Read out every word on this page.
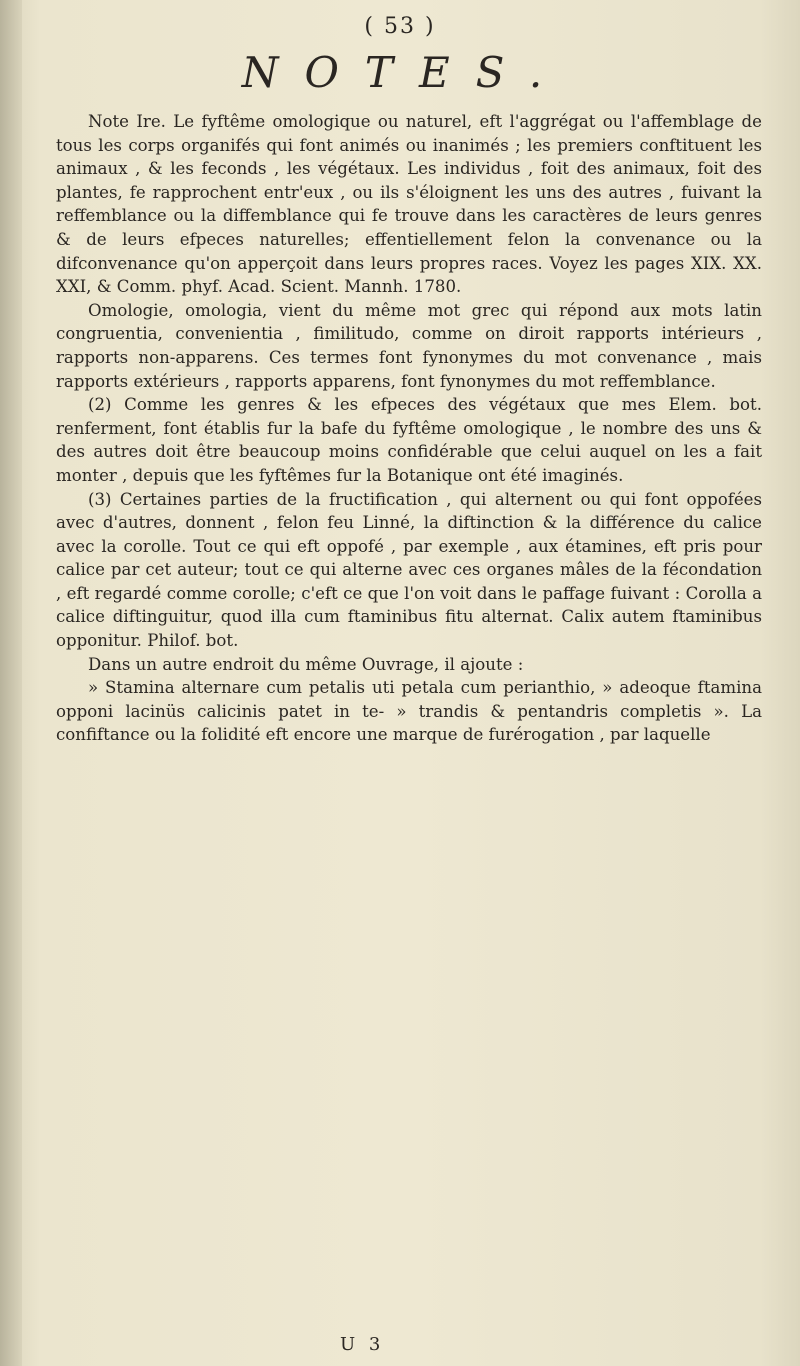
( 53 )
NOTES.

Note Ire. Le fyftême omologique ou naturel, eft l'aggrégat ou l'affemblage de tous les corps organifés qui font animés ou inanimés ; les premiers conftituent les animaux , & les feconds , les végétaux. Les individus , foit des animaux, foit des plantes, fe rapprochent entr'eux , ou ils s'éloignent les uns des autres , fuivant la reffemblance ou la diffemblance qui fe trouve dans les caractères de leurs genres & de leurs efpeces naturelles; effentiellement felon la convenance ou la difconvenance qu'on apperçoit dans leurs propres races. Voyez les pages XIX. XX. XXI, & Comm. phyf. Acad. Scient. Mannh. 1780.

Omologie, omologia, vient du même mot grec qui répond aux mots latin congruentia, convenientia , fimilitudo, comme on diroit rapports intérieurs , rapports non-apparens. Ces termes font fynonymes du mot convenance , mais rapports extérieurs , rapports apparens, font fynonymes du mot reffemblance.

(2) Comme les genres & les efpeces des végétaux que mes Elem. bot. renferment, font établis fur la bafe du fyftême omologique , le nombre des uns & des autres doit être beaucoup moins confidérable que celui auquel on les a fait monter , depuis que les fyftêmes fur la Botanique ont été imaginés.

(3) Certaines parties de la fructification , qui alternent ou qui font oppofées avec d'autres, donnent , felon feu Linné, la diftinction & la différence du calice avec la corolle. Tout ce qui eft oppofé , par exemple , aux étamines, eft pris pour calice par cet auteur; tout ce qui alterne avec ces organes mâles de la fécondation , eft regardé comme corolle; c'eft ce que l'on voit dans le paffage fuivant : Corolla a calice diftinguitur, quod illa cum ftaminibus fitu alternat. Calix autem ftaminibus opponitur. Philof. bot.

Dans un autre endroit du même Ouvrage, il ajoute :

» Stamina alternare cum petalis uti petala cum perianthio, » adeoque ftamina opponi lacinüs calicinis patet in te- » trandis & pentandris completis ». La confiftance ou la folidité eft encore une marque de furérogation , par laquelle

U 3
